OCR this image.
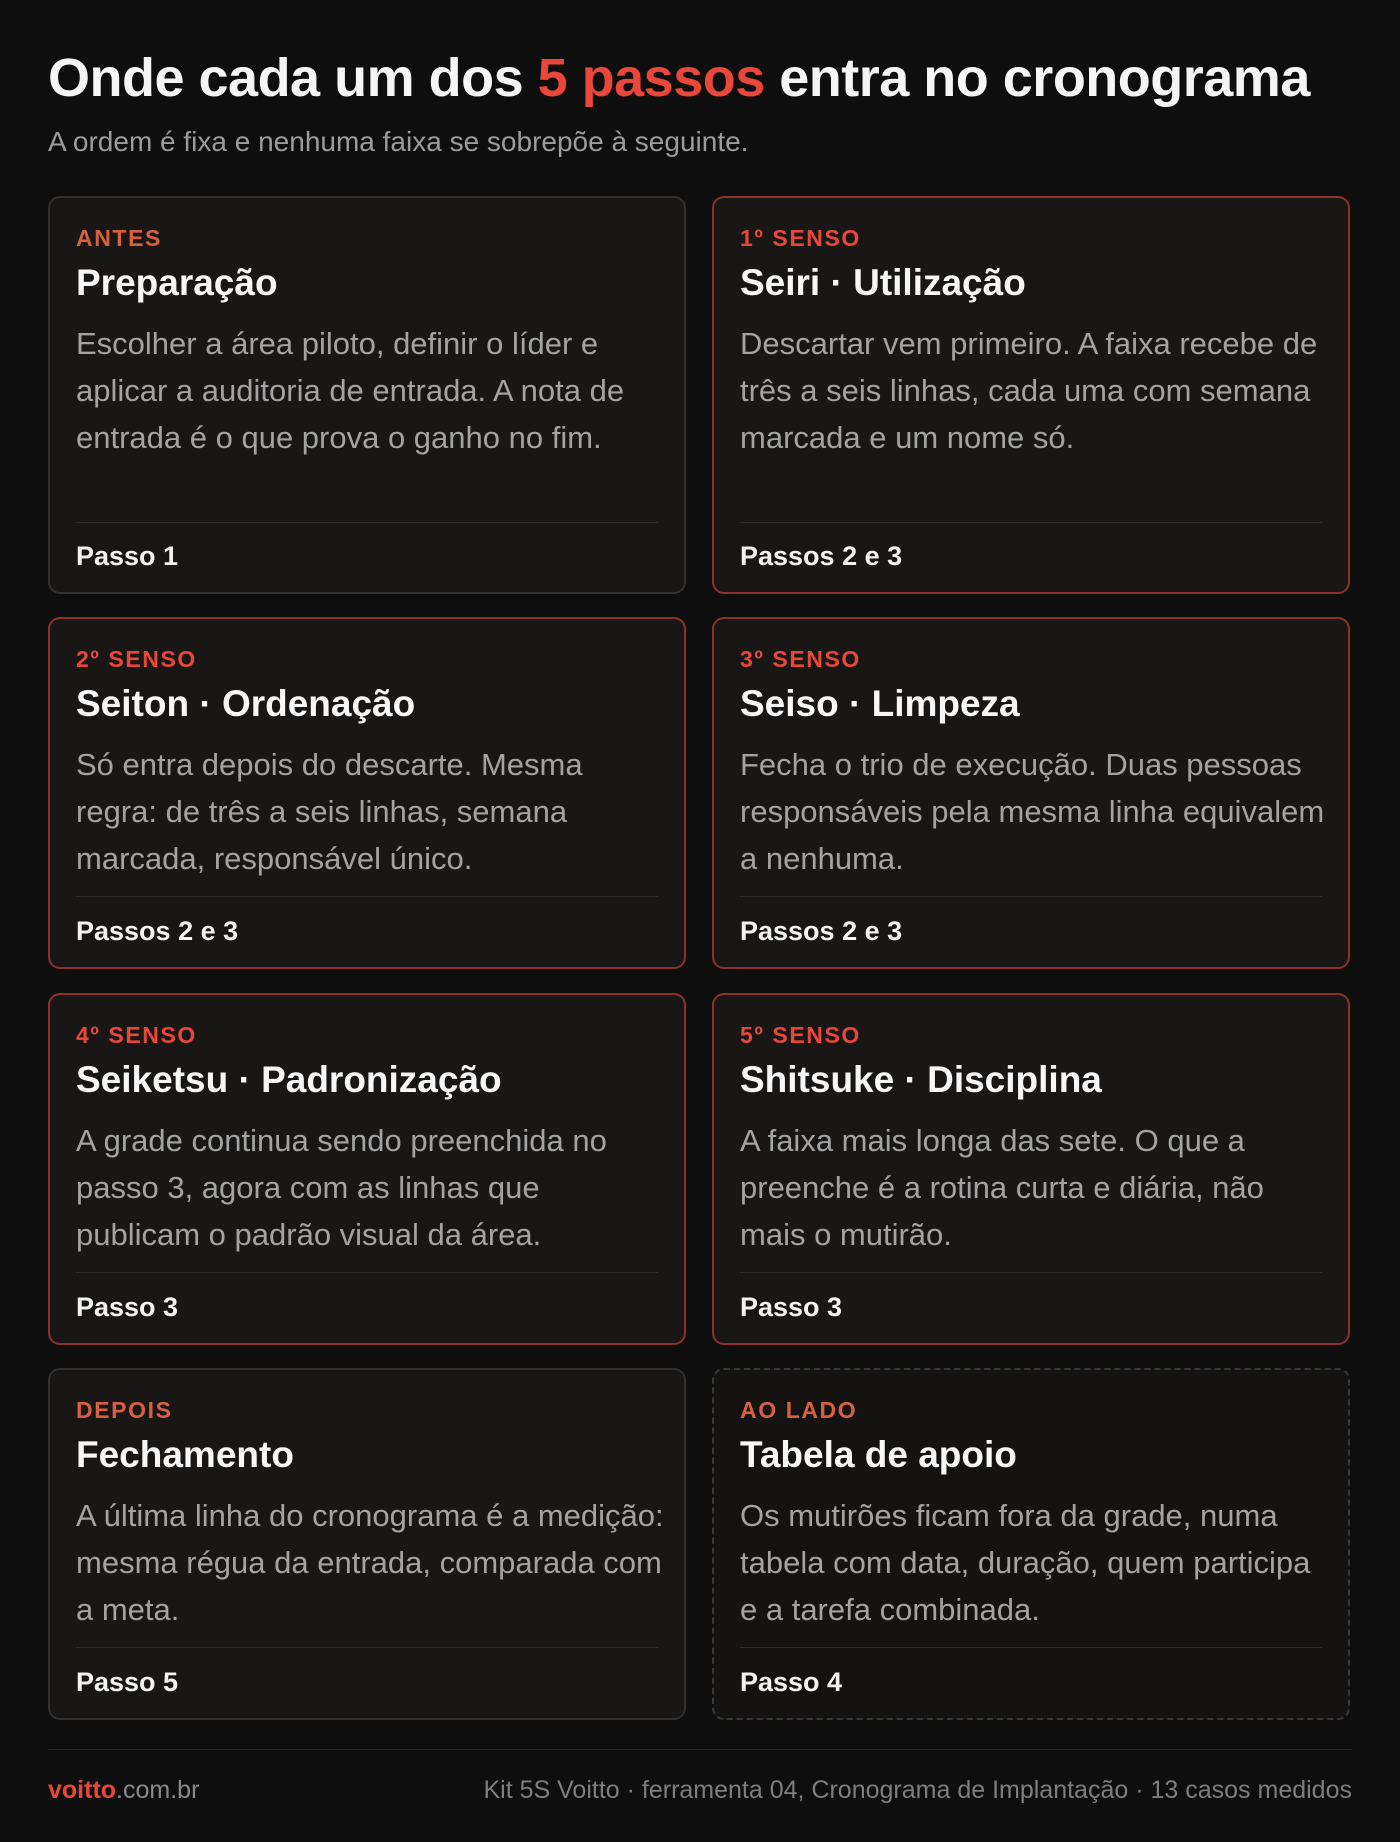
Onde cada um dos 5 passos entra no cronograma

A ordem é fixa e nenhuma faixa se sobrepõe à seguinte.

ANTES
Preparação
Escolher a área piloto, definir o líder e aplicar a auditoria de entrada. A nota de entrada é o que prova o ganho no fim.
Passo 1
1º SENSO
Seiri · Utilização
Descartar vem primeiro. A faixa recebe de três a seis linhas, cada uma com semana marcada e um nome só.
Passos 2 e 3
2º SENSO
Seiton · Ordenação
Só entra depois do descarte. Mesma regra: de três a seis linhas, semana marcada, responsável único.
Passos 2 e 3
3º SENSO
Seiso · Limpeza
Fecha o trio de execução. Duas pessoas responsáveis pela mesma linha equivalem a nenhuma.
Passos 2 e 3
4º SENSO
Seiketsu · Padronização
A grade continua sendo preenchida no passo 3, agora com as linhas que publicam o padrão visual da área.
Passo 3
5º SENSO
Shitsuke · Disciplina
A faixa mais longa das sete. O que a preenche é a rotina curta e diária, não mais o mutirão.
Passo 3
DEPOIS
Fechamento
A última linha do cronograma é a medição: mesma régua da entrada, comparada com a meta.
Passo 5
AO LADO
Tabela de apoio
Os mutirões ficam fora da grade, numa tabela com data, duração, quem participa e a tarefa combinada.
Passo 4
voitto.com.br	Kit 5S Voitto · ferramenta 04, Cronograma de Implantação · 13 casos medidos
